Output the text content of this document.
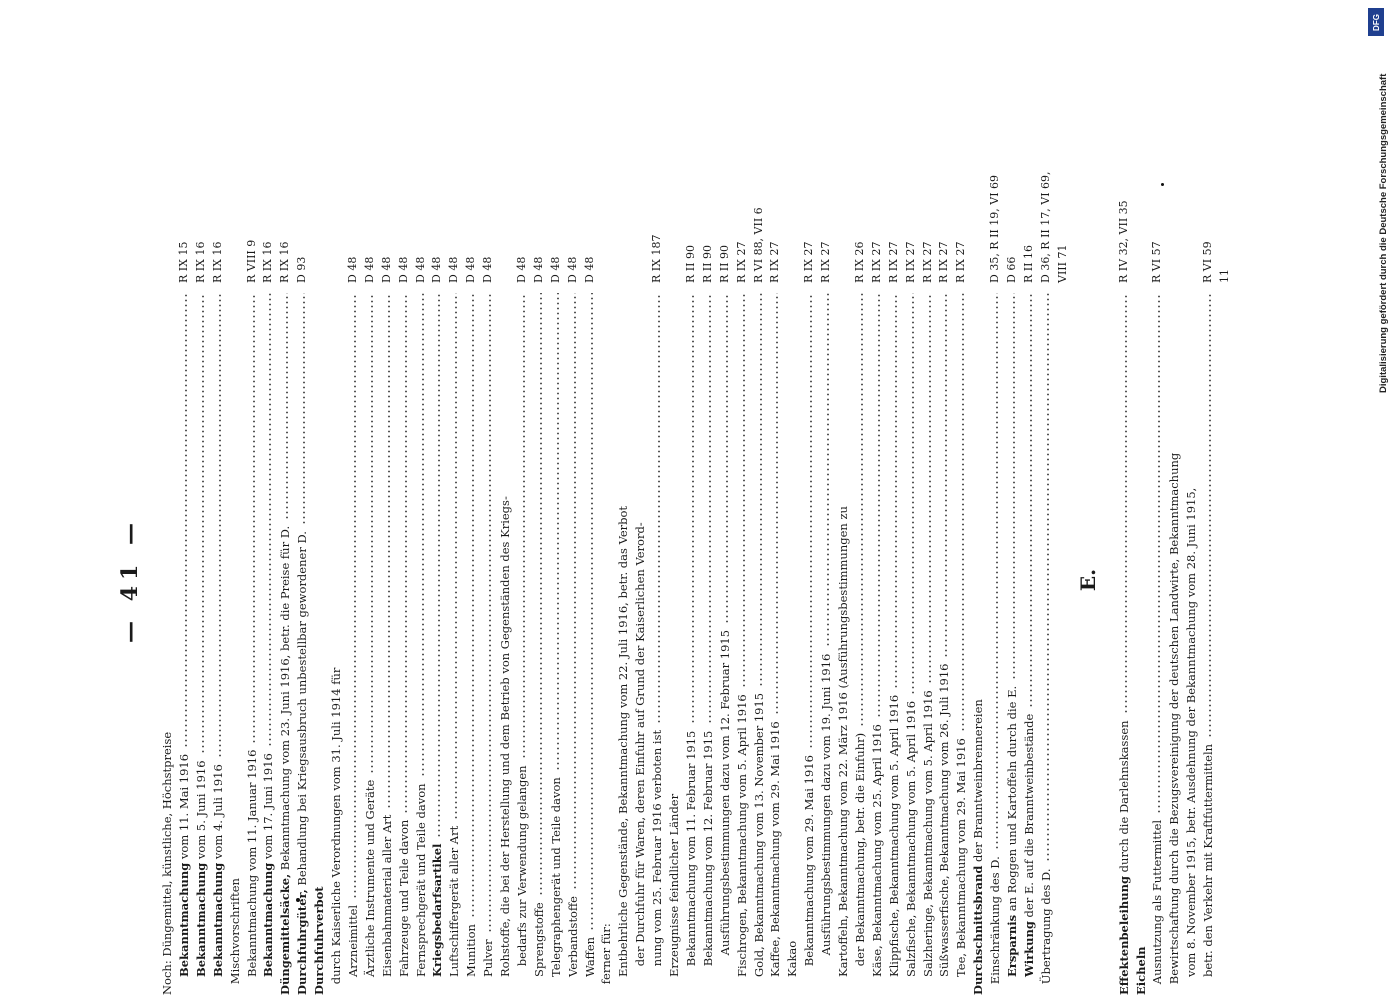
— 41 —
Noch: Düngemittel, künstliche, Höchstpreise Bekanntmachung vom 11. Mai 1916
R IX 15
Bekanntmachung vom 5. Juni 1916
R IX 16
Bekanntmachung vom 4. Juli 1916
R IX 16
Mischvorschriften Bekanntmachung vom 11. Januar 1916
R VIII 9
Bekanntmachung vom 17. Juni 1916
R IX 16
Düngemittelsäcke, Bekanntmachung vom 23. Juni 1916, betr. die Preise für D.
R IX 16
Durchfuhrgüter, Behandlung bei Kriegsausbruch unbestellbar gewordener D.
D 93
Durchfuhrverbot durch Kaiserliche Verordnungen vom 31. Juli 1914 für Arzneimittel
D 48
Ärztliche Instrumente und Geräte
D 48
Eisenbahnmaterial aller Art
D 48
Fahrzeuge und Teile davon
D 48
Fernsprechgerät und Teile davon
D 48
Kriegsbedarfsartikel
D 48
Luftschiffergerät aller Art
D 48
Munition
D 48
Pulver
D 48
Rohstoffe, die bei der Herstellung und dem Betrieb von Gegenständen des Kriegs- bedarfs zur Verwendung gelangen
D 48
Sprengstoffe
D 48
Telegraphengerät und Teile davon
D 48
Verbandstoffe
D 48
Waffen
D 48
ferner für: Entbehrliche Gegenstände, Bekanntmachung vom 22. Juli 1916, betr. das Verbot der Durchfuhr für Waren, deren Einfuhr auf Grund der Kaiserlichen Verord- nung vom 25. Februar 1916 verboten ist
R IX 187
Erzeugnisse feindlicher Länder Bekanntmachung vom 11. Februar 1915
R II 90
Bekanntmachung vom 12. Februar 1915
R II 90
Ausführungsbestimmungen dazu vom 12. Februar 1915
R II 90
Fischrogen, Bekanntmachung vom 5. April 1916
R IX 27
Gold, Bekanntmachung vom 13. November 1915
R VI 88, VII 6
Kaffee, Bekanntmachung vom 29. Mai 1916
R IX 27
Kakao Bekanntmachung vom 29. Mai 1916
R IX 27
Ausführungsbestimmungen dazu vom 19. Juni 1916
R IX 27
Kartoffeln, Bekanntmachung vom 22. März 1916 (Ausführungsbestimmungen zu der Bekanntmachung, betr. die Einfuhr)
R IX 26
Käse, Bekanntmachung vom 25. April 1916
R IX 27
Klippfische, Bekanntmachung vom 5. April 1916
R IX 27
Salzfische, Bekanntmachung vom 5. April 1916
R IX 27
Salzheringe, Bekanntmachung vom 5. April 1916
R IX 27
Süßwasserfische, Bekanntmachung vom 26. Juli 1916
R IX 27
Tee, Bekanntmachung vom 29. Mai 1916
R IX 27
Durchschnittsbrand der Branntweinbrennereien
Einschränkung des D.
D 35, R II 19, VI 69
Ersparnis an Roggen und Kartoffeln durch die E.
D 66
Wirkung der E. auf die Branntweinbestände
R II 16
Übertragung des D.
D 36, R II 17, VI 69, VIII 71
Effektenbeleihung durch die Darlehnskassen
R IV 32, VII 35
Eicheln Ausnutzung als Futtermittel
R VI 57
Bewirtschaftung durch die Bezugsvereinigung der deutschen Landwirte, Bekanntmachung vom 8. November 1915, betr. Ausdehnung der Bekanntmachung vom 28. Juni 1915, betr. den Verkehr mit Kraftfuttermitteln
R VI 59 11
E.
DFG
Digitalisierung gefördert durch die Deutsche Forschungsgemeinschaft
